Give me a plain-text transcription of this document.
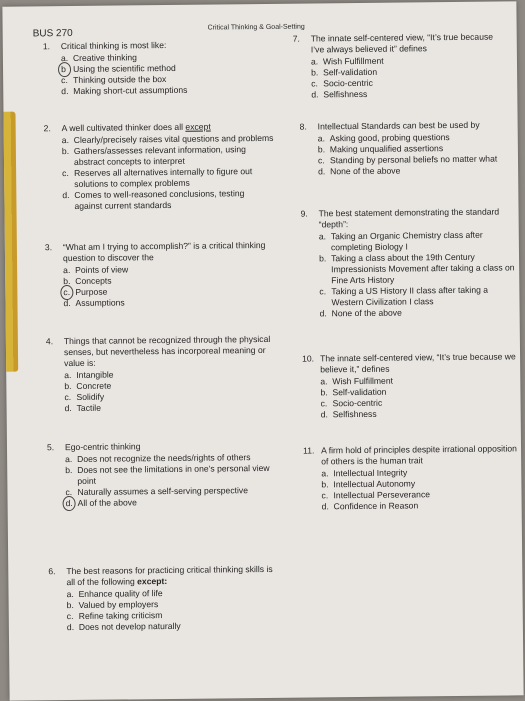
BUS 270
Critical Thinking & Goal-Setting
1.	Critical thinking is most like:
a. Creative thinking
b Using the scientific method
c. Thinking outside the box
d. Making short-cut assumptions
2.	A well cultivated thinker does all except
a. Clearly/precisely raises vital questions and problems
b. Gathers/assesses relevant information, using abstract concepts to interpret
c. Reserves all alternatives internally to figure out solutions to complex problems
d. Comes to well-reasoned conclusions, testing against current standards
3.	“What am I trying to accomplish?” is a critical thinking question to discover the
a. Points of view
b. Concepts
c. Purpose
d. Assumptions
4.	Things that cannot be recognized through the physical senses, but nevertheless has incorporeal meaning or value is:
a. Intangible
b. Concrete
c. Solidify
d. Tactile
5.	Ego-centric thinking
a. Does not recognize the needs/rights of others
b. Does not see the limitations in one’s personal view point
c. Naturally assumes a self-serving perspective
d. All of the above
6.	The best reasons for practicing critical thinking skills is all of the following except:
a. Enhance quality of life
b. Valued by employers
c. Refine taking criticism
d. Does not develop naturally
7.	The innate self-centered view, “It’s true because I’ve always believed it” defines
a. Wish Fulfillment
b. Self-validation
c. Socio-centric
d. Selfishness
8.	Intellectual Standards can best be used by
a. Asking good, probing questions
b. Making unqualified assertions
c. Standing by personal beliefs no matter what
d. None of the above
9.	The best statement demonstrating the standard “depth”:
a. Taking an Organic Chemistry class after completing Biology I
b. Taking a class about the 19th Century Impressionists Movement after taking a class on Fine Arts History
c. Taking a US History II class after taking a Western Civilization I class
d. None of the above
10. The innate self-centered view, “It’s true because we believe it,” defines
a. Wish Fulfillment
b. Self-validation
c. Socio-centric
d. Selfishness
11. A firm hold of principles despite irrational opposition of others is the human trait
a. Intellectual Integrity
b. Intellectual Autonomy
c. Intellectual Perseverance
d. Confidence in Reason
